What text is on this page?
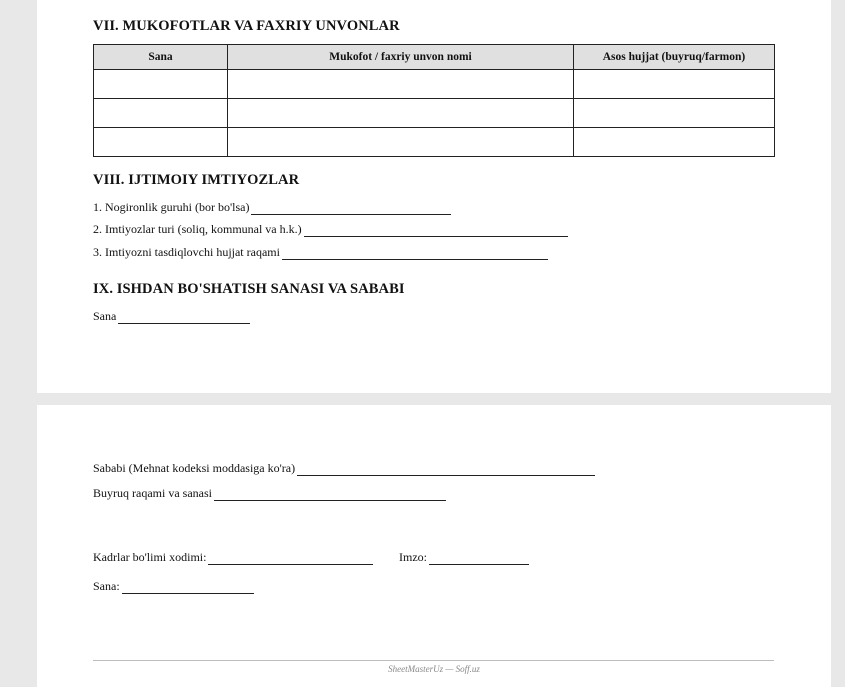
VII. MUKOFOTLAR VA FAXRIY UNVONLAR
Sana	Mukofot / faxriy unvon nomi	Asos hujjat (buyruq/farmon)

VIII. IJTIMOIY IMTIYOZLAR
1. Nogironlik guruhi (bor bo'lsa)
2. Imtiyozlar turi (soliq, kommunal va h.k.)
3. Imtiyozni tasdiqlovchi hujjat raqami
IX. ISHDAN BO'SHATISH SANASI VA SABABI
Sana
Sababi (Mehnat kodeksi moddasiga ko'ra)
Buyruq raqami va sanasi
Kadrlar bo'limi xodimi:	Imzo:
Sana:
SheetMasterUz — Soff.uz
